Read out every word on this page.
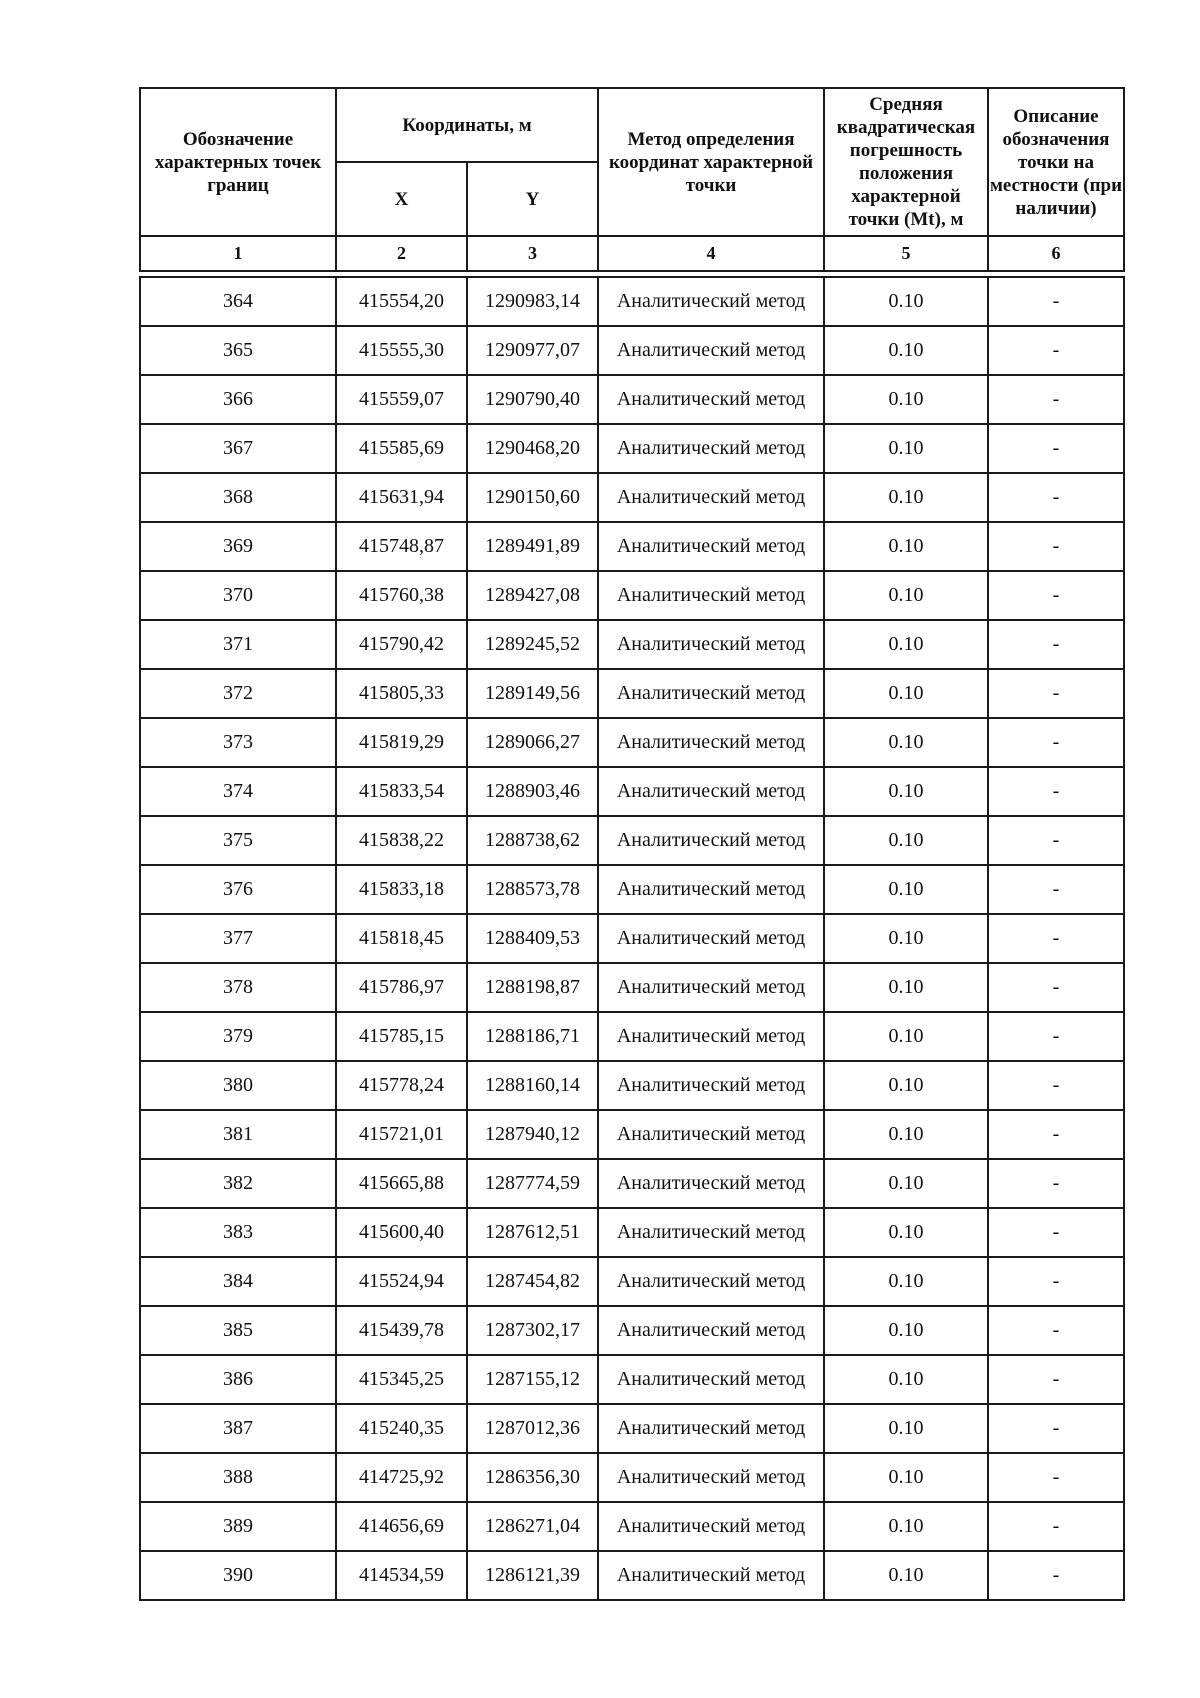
Обозначение характерных точек границ	Координаты, м		Метод определения координат характерной точки	Средняя квадратическая погрешность положения характерной точки (Mt), м	Описание обозначения точки на местности (при наличии)
	X	Y			
1	2	3	4	5	6

364	415554,20	1290983,14	Аналитический метод	0.10	-
365	415555,30	1290977,07	Аналитический метод	0.10	-
366	415559,07	1290790,40	Аналитический метод	0.10	-
367	415585,69	1290468,20	Аналитический метод	0.10	-
368	415631,94	1290150,60	Аналитический метод	0.10	-
369	415748,87	1289491,89	Аналитический метод	0.10	-
370	415760,38	1289427,08	Аналитический метод	0.10	-
371	415790,42	1289245,52	Аналитический метод	0.10	-
372	415805,33	1289149,56	Аналитический метод	0.10	-
373	415819,29	1289066,27	Аналитический метод	0.10	-
374	415833,54	1288903,46	Аналитический метод	0.10	-
375	415838,22	1288738,62	Аналитический метод	0.10	-
376	415833,18	1288573,78	Аналитический метод	0.10	-
377	415818,45	1288409,53	Аналитический метод	0.10	-
378	415786,97	1288198,87	Аналитический метод	0.10	-
379	415785,15	1288186,71	Аналитический метод	0.10	-
380	415778,24	1288160,14	Аналитический метод	0.10	-
381	415721,01	1287940,12	Аналитический метод	0.10	-
382	415665,88	1287774,59	Аналитический метод	0.10	-
383	415600,40	1287612,51	Аналитический метод	0.10	-
384	415524,94	1287454,82	Аналитический метод	0.10	-
385	415439,78	1287302,17	Аналитический метод	0.10	-
386	415345,25	1287155,12	Аналитический метод	0.10	-
387	415240,35	1287012,36	Аналитический метод	0.10	-
388	414725,92	1286356,30	Аналитический метод	0.10	-
389	414656,69	1286271,04	Аналитический метод	0.10	-
390	414534,59	1286121,39	Аналитический метод	0.10	-
